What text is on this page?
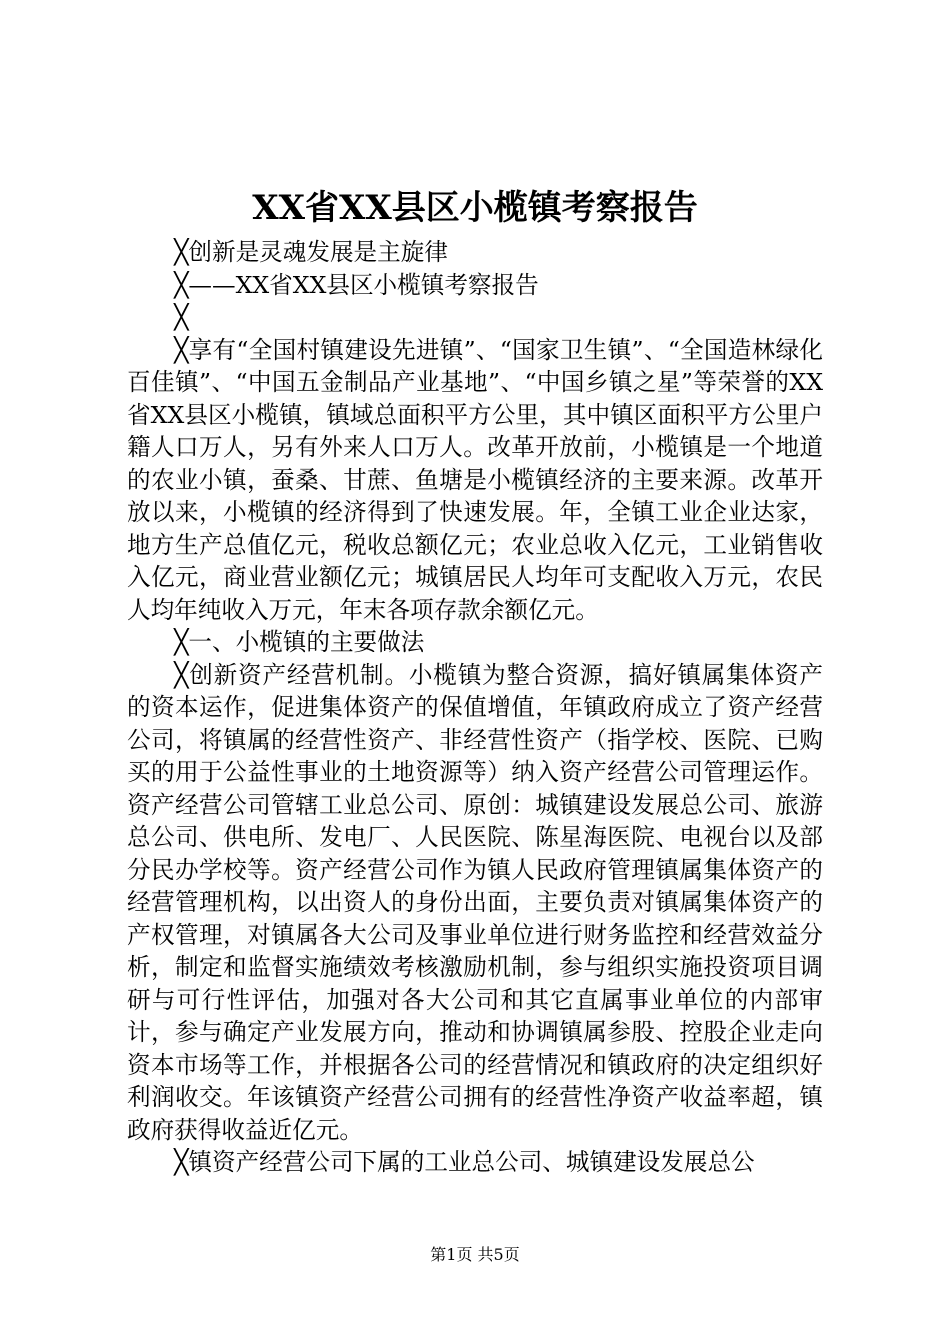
XX省XX县区小榄镇考察报告

╳创新是灵魂发展是主旋律

╳——XX省XX县区小榄镇考察报告

╳

╳享有“全国村镇建设先进镇”、“国家卫生镇”、“全国造林绿化百佳镇”、“中国五金制品产业基地”、“中国乡镇之星”等荣誉的XX省XX县区小榄镇，镇域总面积平方公里，其中镇区面积平方公里户籍人口万人，另有外来人口万人。改革开放前，小榄镇是一个地道的农业小镇，蚕桑、甘蔗、鱼塘是小榄镇经济的主要来源。改革开放以来，小榄镇的经济得到了快速发展。年，全镇工业企业达家，地方生产总值亿元，税收总额亿元；农业总收入亿元，工业销售收入亿元，商业营业额亿元；城镇居民人均年可支配收入万元，农民人均年纯收入万元，年末各项存款余额亿元。

╳一、小榄镇的主要做法

╳创新资产经营机制。小榄镇为整合资源，搞好镇属集体资产的资本运作，促进集体资产的保值增值，年镇政府成立了资产经营公司，将镇属的经营性资产、非经营性资产（指学校、医院、已购买的用于公益性事业的土地资源等）纳入资产经营公司管理运作。资产经营公司管辖工业总公司、原创：城镇建设发展总公司、旅游总公司、供电所、发电厂、人民医院、陈星海医院、电视台以及部分民办学校等。资产经营公司作为镇人民政府管理镇属集体资产的经营管理机构，以出资人的身份出面，主要负责对镇属集体资产的产权管理，对镇属各大公司及事业单位进行财务监控和经营效益分析，制定和监督实施绩效考核激励机制，参与组织实施投资项目调研与可行性评估，加强对各大公司和其它直属事业单位的内部审计，参与确定产业发展方向，推动和协调镇属参股、控股企业走向资本市场等工作，并根据各公司的经营情况和镇政府的决定组织好利润收交。年该镇资产经营公司拥有的经营性净资产收益率超，镇政府获得收益近亿元。

╳镇资产经营公司下属的工业总公司、城镇建设发展总公

第1页 共5页
